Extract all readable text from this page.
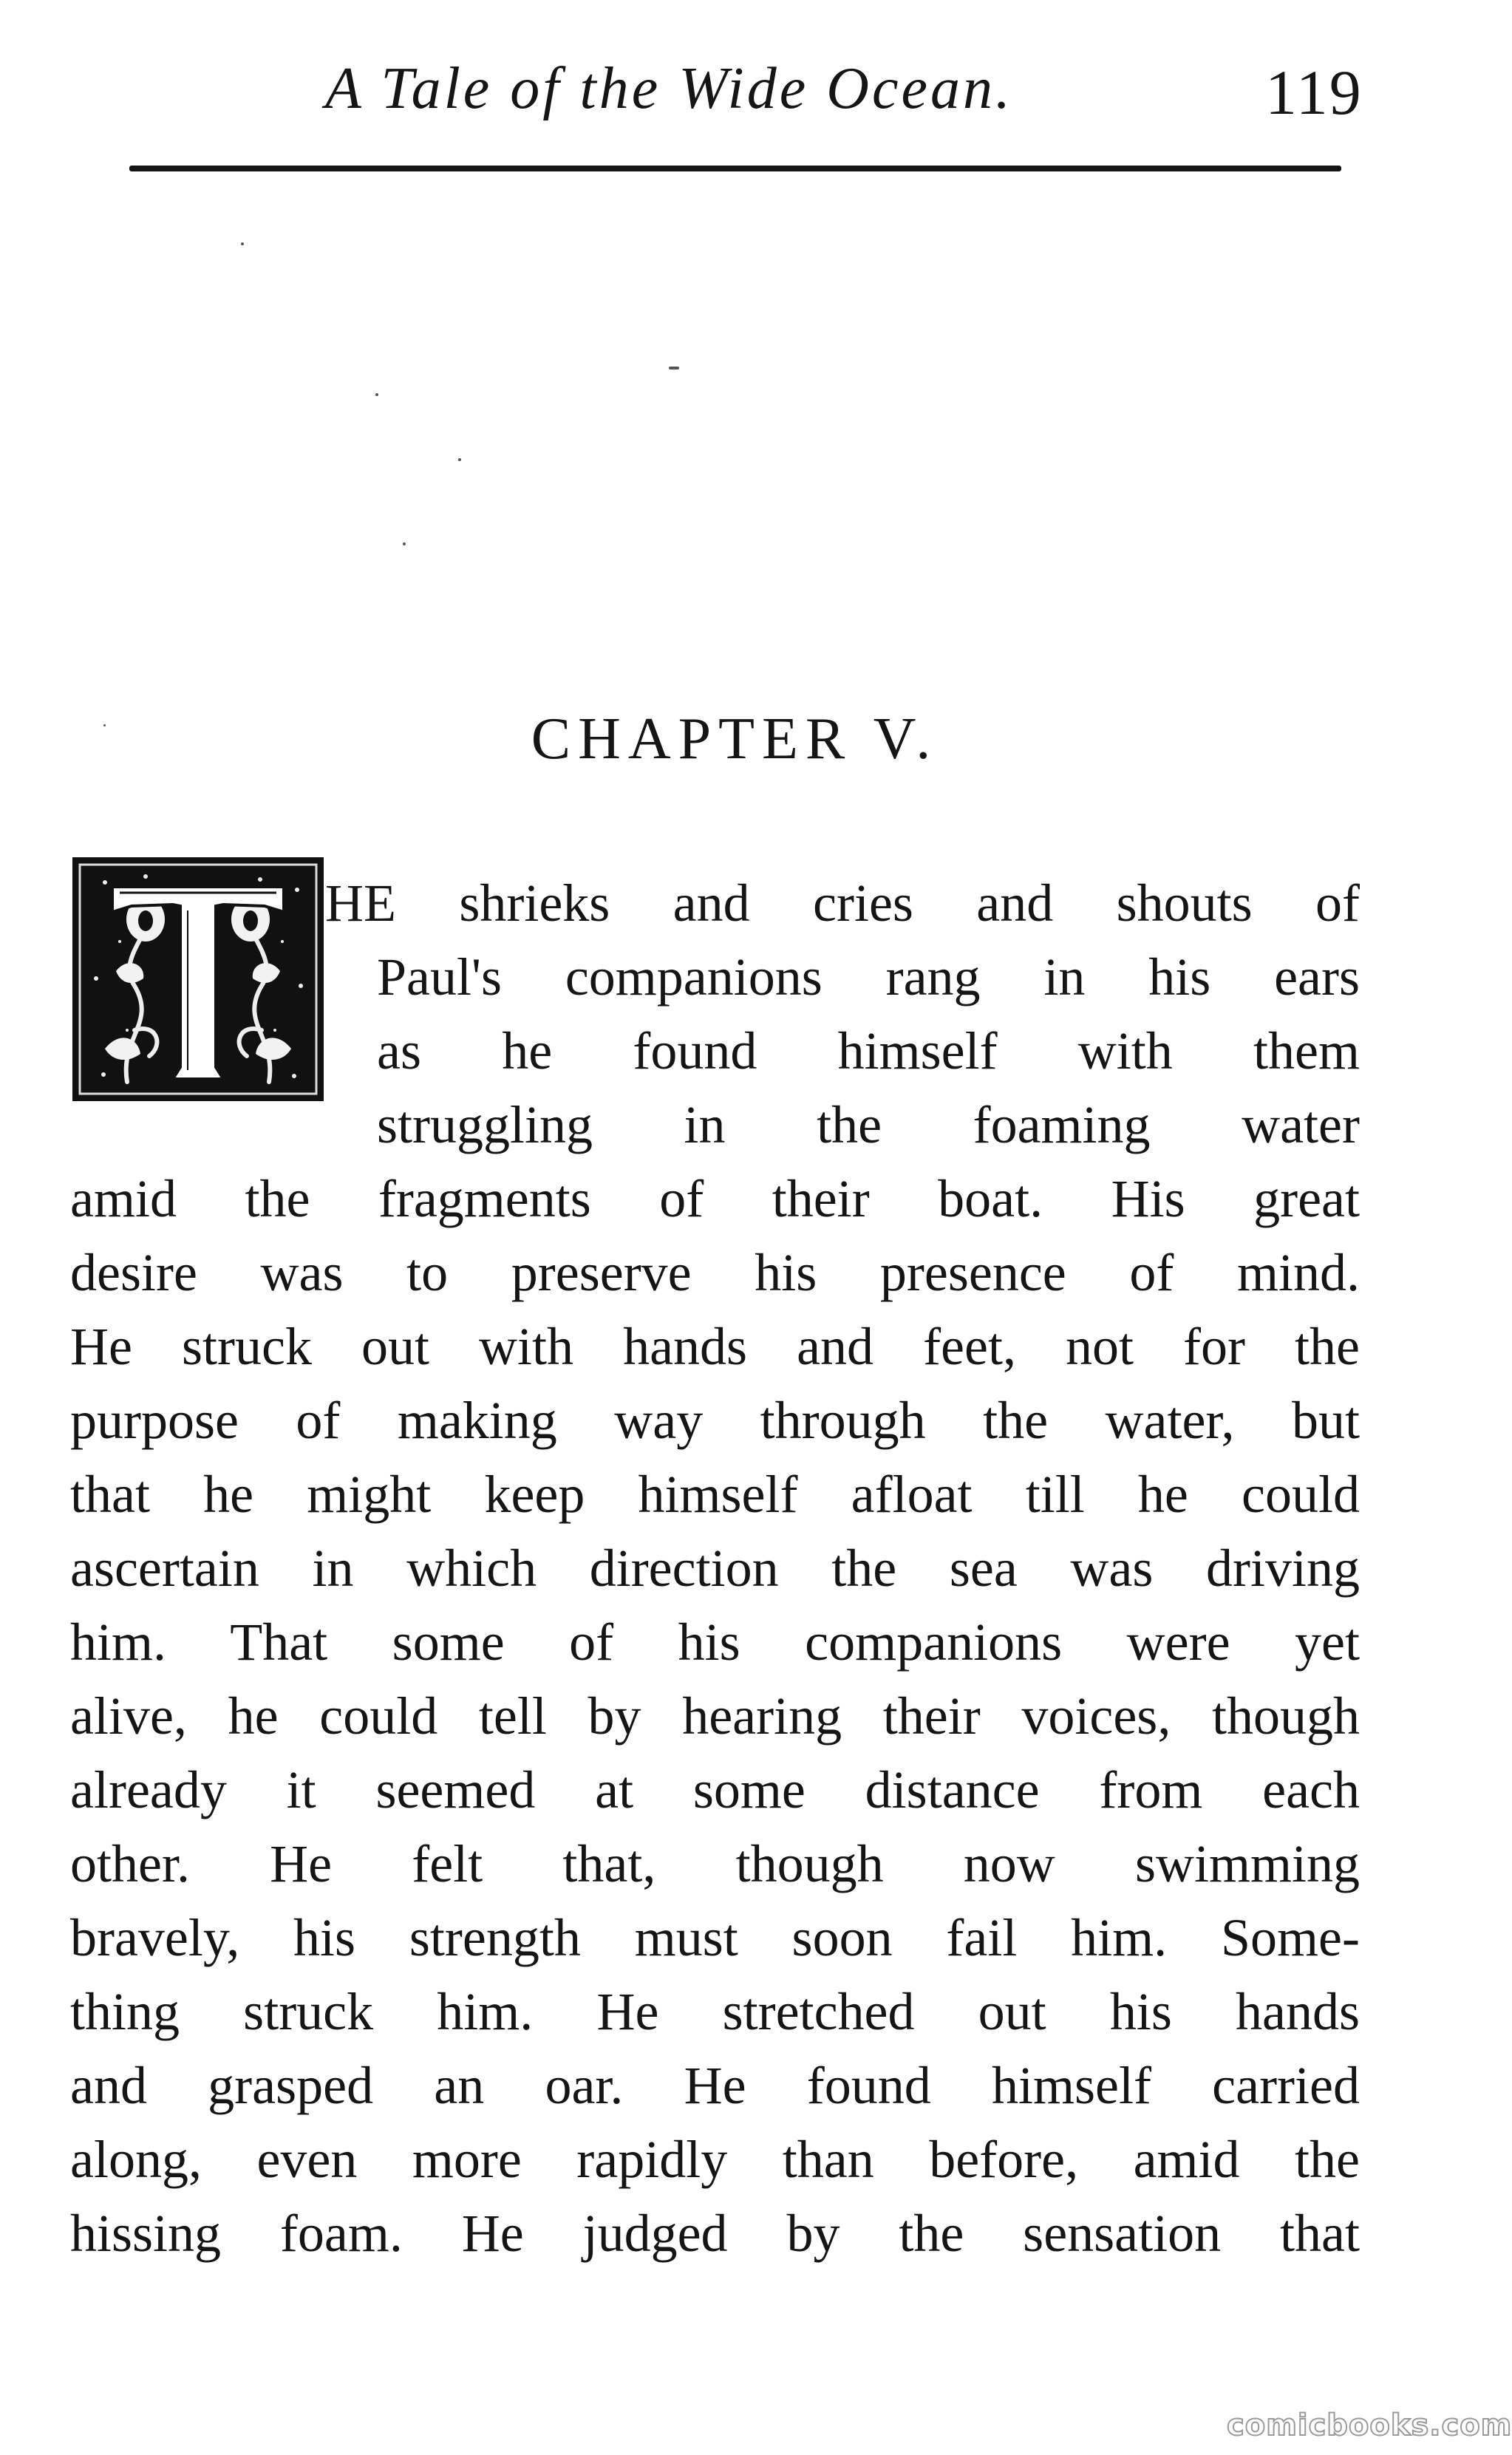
A Tale of the Wide Ocean.	119
CHAPTER V.
HE shrieks and cries and shouts of
Paul's companions rang in his ears
as he found himself with them
struggling in the foaming water
amid the fragments of their boat. His great
desire was to preserve his presence of mind.
He struck out with hands and feet, not for the
purpose of making way through the water, but
that he might keep himself afloat till he could
ascertain in which direction the sea was driving
him. That some of his companions were yet
alive, he could tell by hearing their voices, though
already it seemed at some distance from each
other. He felt that, though now swimming
bravely, his strength must soon fail him. Some-
thing struck him. He stretched out his hands
and grasped an oar. He found himself carried
along, even more rapidly than before, amid the
hissing foam. He judged by the sensation that
comicbooks.com
